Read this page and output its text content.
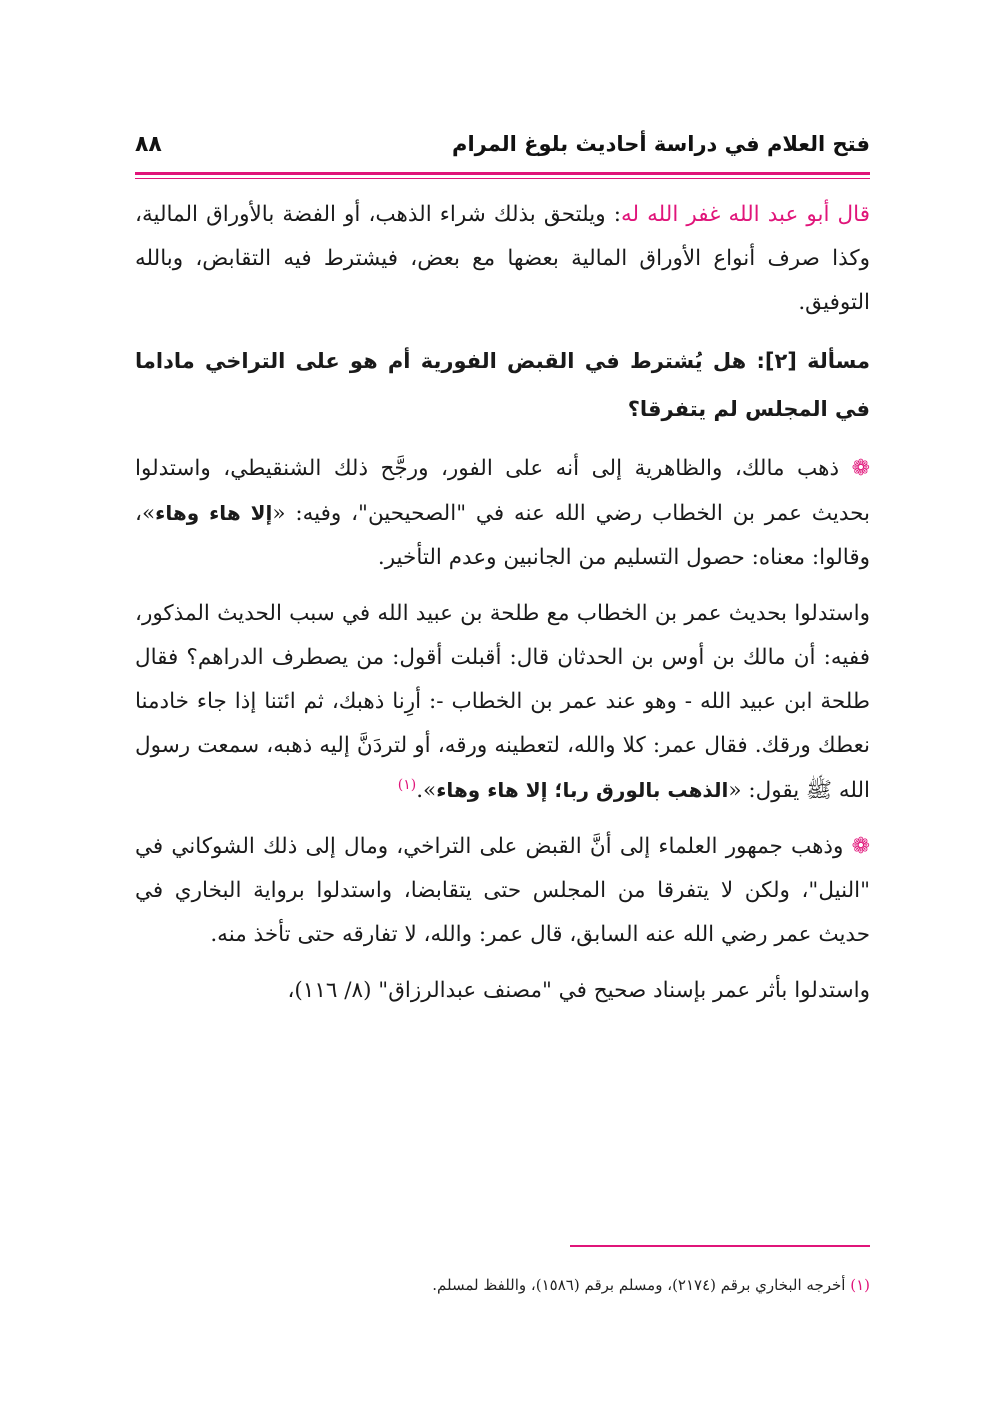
فتح العلام في دراسة أحاديث بلوغ المرام
٨٨

قال أبو عبد الله غفر الله له: ويلتحق بذلك شراء الذهب، أو الفضة بالأوراق المالية، وكذا صرف أنواع الأوراق المالية بعضها مع بعض، فيشترط فيه التقابض، وبالله التوفيق.

مسألة [٢]: هل يُشترط في القبض الفورية أم هو على التراخي ماداما في المجلس لم يتفرقا؟

❁ ذهب مالك، والظاهرية إلى أنه على الفور، ورجَّح ذلك الشنقيطي، واستدلوا بحديث عمر بن الخطاب رضي الله عنه في "الصحيحين"، وفيه: «إلا هاء وهاء»، وقالوا: معناه: حصول التسليم من الجانبين وعدم التأخير.

واستدلوا بحديث عمر بن الخطاب مع طلحة بن عبيد الله في سبب الحديث المذكور، ففيه: أن مالك بن أوس بن الحدثان قال: أقبلت أقول: من يصطرف الدراهم؟ فقال طلحة ابن عبيد الله - وهو عند عمر بن الخطاب -: أرِنا ذهبك، ثم ائتنا إذا جاء خادمنا نعطك ورقك. فقال عمر: كلا والله، لتعطينه ورقه، أو لتردَنَّ إليه ذهبه، سمعت رسول الله ﷺ يقول: «الذهب بالورق ربا؛ إلا هاء وهاء».$^{(١)}$

❁ وذهب جمهور العلماء إلى أنَّ القبض على التراخي، ومال إلى ذلك الشوكاني في "النيل"، ولكن لا يتفرقا من المجلس حتى يتقابضا، واستدلوا برواية البخاري في حديث عمر رضي الله عنه السابق، قال عمر: والله، لا تفارقه حتى تأخذ منه.

واستدلوا بأثر عمر بإسناد صحيح في "مصنف عبدالرزاق" (٨/ ١١٦)،

(١) أخرجه البخاري برقم (٢١٧٤)، ومسلم برقم (١٥٨٦)، واللفظ لمسلم.
